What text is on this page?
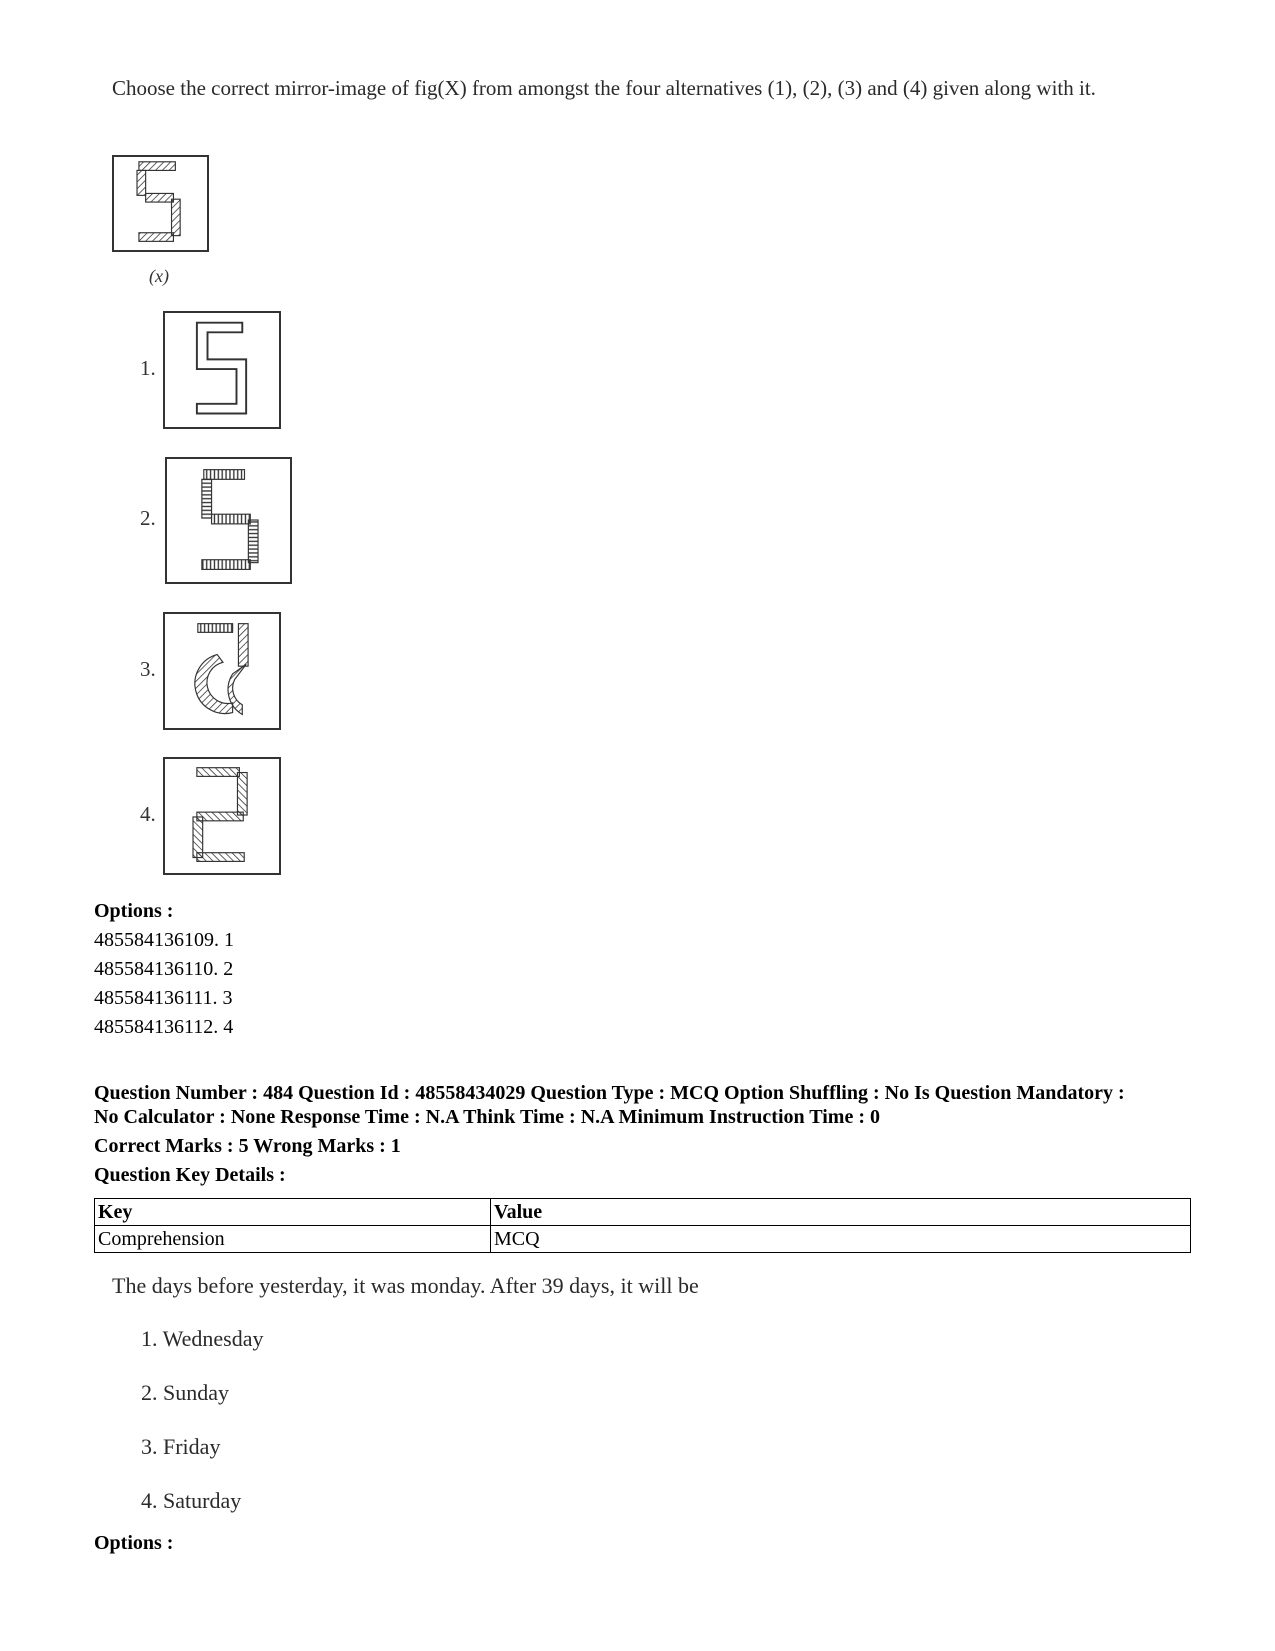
Choose the correct mirror-image of fig(X) from amongst the four alternatives (1), (2), (3) and (4) given along with it.
(x)
1.
2.
3.
4.
Options :
485584136109. 1
485584136110. 2
485584136111. 3
485584136112. 4
Question Number : 484 Question Id : 48558434029 Question Type : MCQ Option Shuffling : No Is Question Mandatory :
No Calculator : None Response Time : N.A Think Time : N.A Minimum Instruction Time : 0
Correct Marks : 5 Wrong Marks : 1
Question Key Details :
Key	Value
Comprehension	MCQ
The days before yesterday, it was monday. After 39 days, it will be
1. Wednesday
2. Sunday
3. Friday
4. Saturday
Options :
